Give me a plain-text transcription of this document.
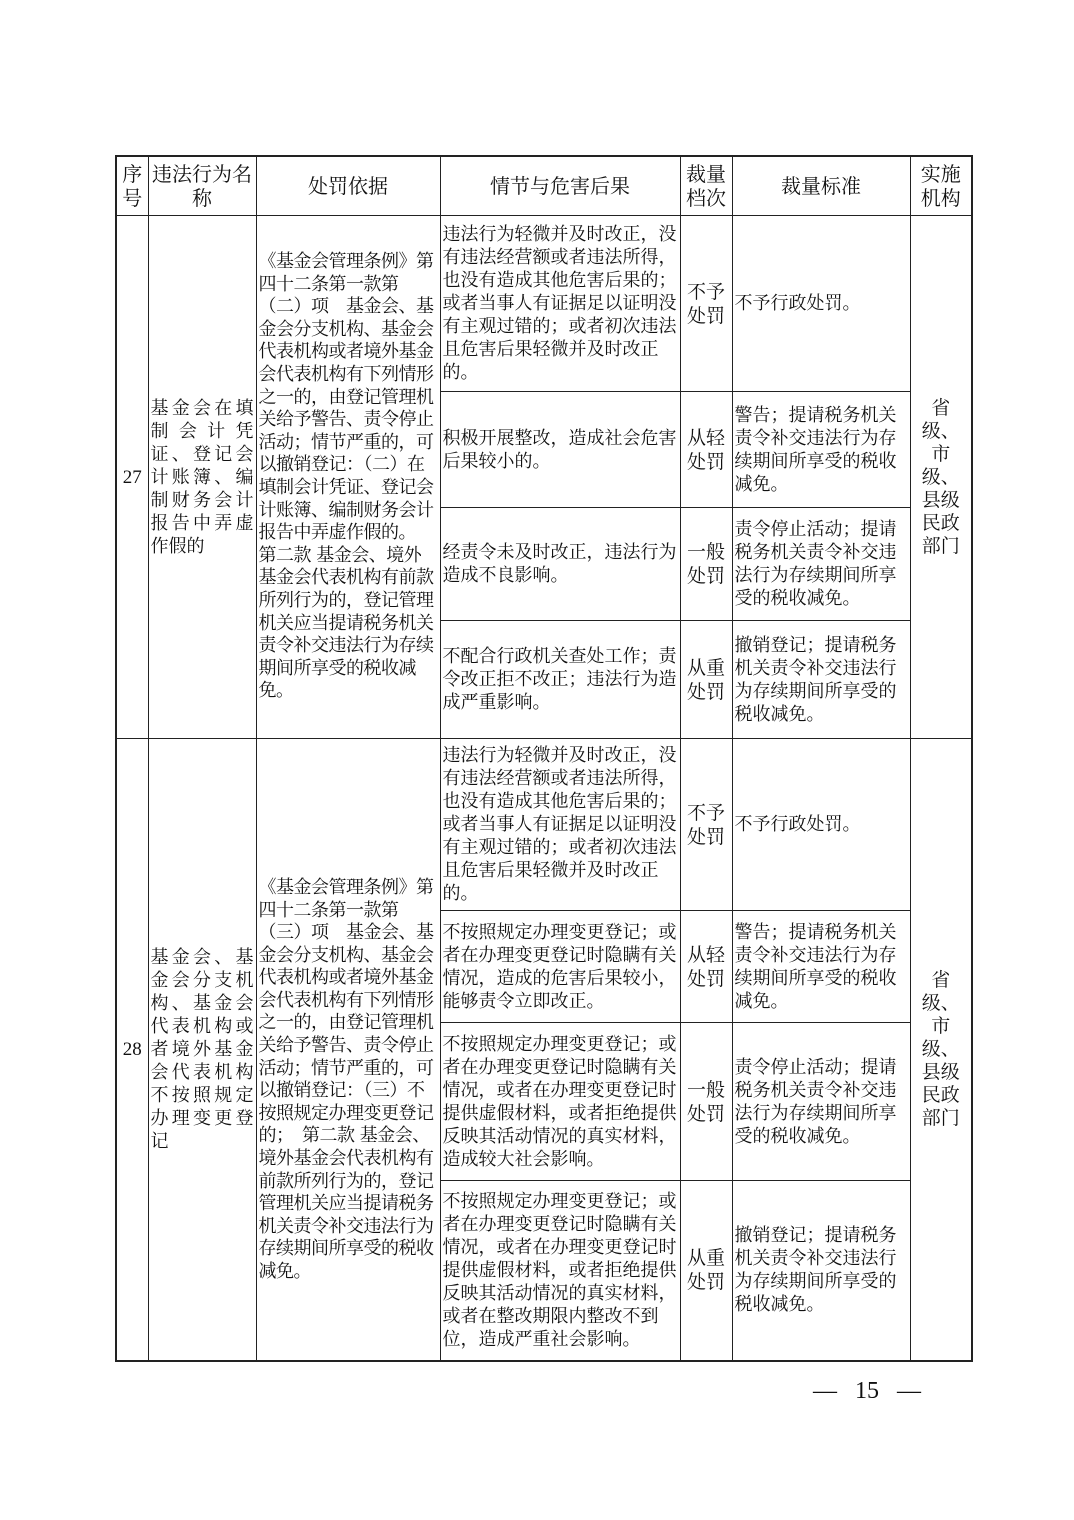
序号	违法行为名称	处罚依据	情节与危害后果	裁量档次	裁量标准	实施机构
27	基金会在填制会计凭证、登记会计账簿、编制财务会计报告中弄虚作假的	《基金会管理条例》第四十二条第一款第（二）项　基金会、基金会分支机构、基金会代表机构或者境外基金会代表机构有下列情形之一的，由登记管理机关给予警告、责令停止活动；情节严重的，可以撤销登记：（二）在填制会计凭证、登记会计账簿、编制财务会计报告中弄虚作假的。　第二款 基金会、境外基金会代表机构有前款所列行为的，登记管理机关应当提请税务机关责令补交违法行为存续期间所享受的税收减免。	违法行为轻微并及时改正，没有违法经营额或者违法所得，也没有造成其他危害后果的；或者当事人有证据足以证明没有主观过错的；或者初次违法且危害后果轻微并及时改正的。	不予处罚	不予行政处罚。	省级、市级、县级民政部门
			积极开展整改，造成社会危害后果较小的。	从轻处罚	警告；提请税务机关责令补交违法行为存续期间所享受的税收减免。	
			经责令未及时改正，违法行为造成不良影响。	一般处罚	责令停止活动；提请税务机关责令补交违法行为存续期间所享受的税收减免。	
			不配合行政机关查处工作；责令改正拒不改正；违法行为造成严重影响。	从重处罚	撤销登记；提请税务机关责令补交违法行为存续期间所享受的税收减免。	
28	基金会、基金会分支机构、基金会代表机构或者境外基金会代表机构不按照规定办理变更登记	《基金会管理条例》第四十二条第一款第（三）项　基金会、基金会分支机构、基金会代表机构或者境外基金会代表机构有下列情形之一的，由登记管理机关给予警告、责令停止活动；情节严重的，可以撤销登记：（三）不按照规定办理变更登记的；　第二款 基金会、境外基金会代表机构有前款所列行为的，登记管理机关应当提请税务机关责令补交违法行为存续期间所享受的税收减免。	违法行为轻微并及时改正，没有违法经营额或者违法所得，也没有造成其他危害后果的；或者当事人有证据足以证明没有主观过错的；或者初次违法且危害后果轻微并及时改正的。	不予处罚	不予行政处罚。	省级、市级、县级民政部门
			不按照规定办理变更登记；或者在办理变更登记时隐瞒有关情况，造成的危害后果较小，能够责令立即改正。	从轻处罚	警告；提请税务机关责令补交违法行为存续期间所享受的税收减免。	
			不按照规定办理变更登记；或者在办理变更登记时隐瞒有关情况，或者在办理变更登记时提供虚假材料，或者拒绝提供反映其活动情况的真实材料，造成较大社会影响。	一般处罚	责令停止活动；提请税务机关责令补交违法行为存续期间所享受的税收减免。	
			不按照规定办理变更登记；或者在办理变更登记时隐瞒有关情况，或者在办理变更登记时提供虚假材料，或者拒绝提供反映其活动情况的真实材料，或者在整改期限内整改不到位，造成严重社会影响。	从重处罚	撤销登记；提请税务机关责令补交违法行为存续期间所享受的税收减免。	
— 15 —
